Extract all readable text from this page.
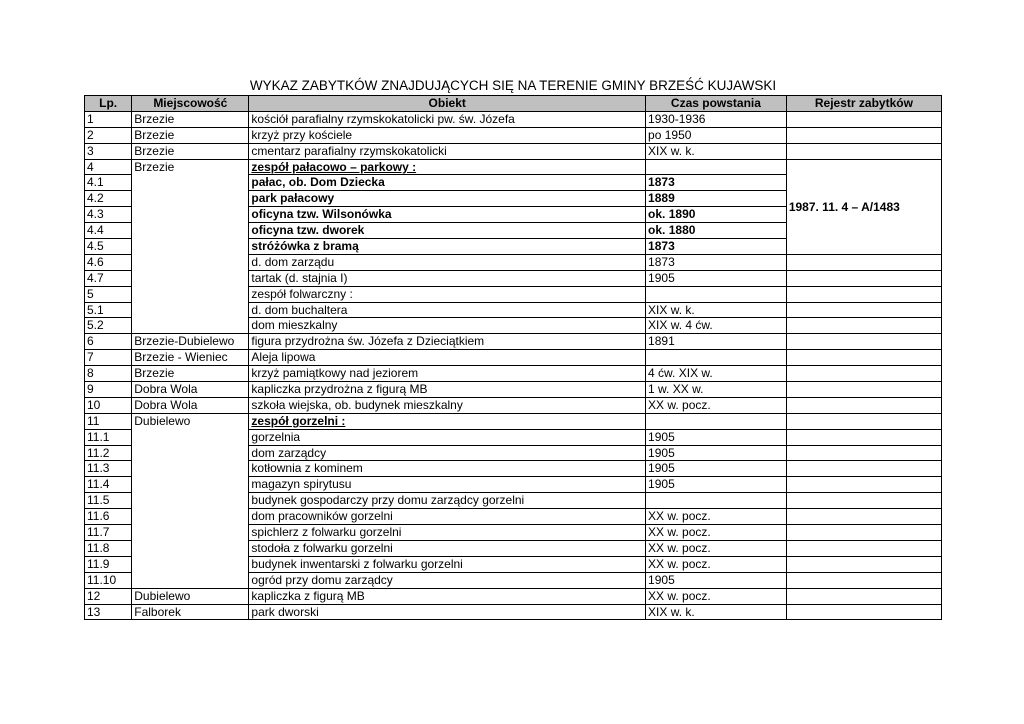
WYKAZ ZABYTKÓW ZNAJDUJĄCYCH SIĘ NA TERENIE GMINY BRZEŚĆ KUJAWSKI
Lp.	Miejscowość	Obiekt	Czas powstania	Rejestr zabytków
1	Brzezie	kościół parafialny rzymskokatolicki pw. św. Józefa	1930-1936	
2	Brzezie	krzyż przy kościele	po 1950	
3	Brzezie	cmentarz parafialny rzymskokatolicki	XIX w. k.	
4	Brzezie	zespół pałacowo – parkowy :		1987. 11. 4 – A/1483
4.1		pałac, ob. Dom Dziecka	1873	
4.2		park pałacowy	1889	
4.3		oficyna tzw. Wilsonówka	ok. 1890	
4.4		oficyna tzw. dworek	ok. 1880	
4.5		stróżówka z bramą	1873	
4.6		d. dom zarządu	1873	
4.7		tartak (d. stajnia I)	1905	
5		zespół folwarczny :		
5.1		d. dom buchaltera	XIX w. k.	
5.2		dom mieszkalny	XIX w. 4 ćw.	
6	Brzezie-Dubielewo	figura przydrożna św. Józefa z Dzieciątkiem	1891	
7	Brzezie - Wieniec	Aleja lipowa		
8	Brzezie	krzyż pamiątkowy nad jeziorem	4 ćw. XIX w.	
9	Dobra Wola	kapliczka przydrożna z figurą MB	1 w. XX w.	
10	Dobra Wola	szkoła wiejska, ob. budynek mieszkalny	XX w. pocz.	
11	Dubielewo	zespół gorzelni :		
11.1		gorzelnia	1905	
11.2		dom zarządcy	1905	
11.3		kotłownia z kominem	1905	
11.4		magazyn spirytusu	1905	
11.5		budynek gospodarczy przy domu zarządcy gorzelni		
11.6		dom pracowników gorzelni	XX w. pocz.	
11.7		spichlerz z folwarku gorzelni	XX w. pocz.	
11.8		stodoła z folwarku gorzelni	XX w. pocz.	
11.9		budynek inwentarski z folwarku gorzelni	XX w. pocz.	
11.10		ogród przy domu zarządcy	1905	
12	Dubielewo	kapliczka z figurą MB	XX w. pocz.	
13	Falborek	park dworski	XIX w. k.	
